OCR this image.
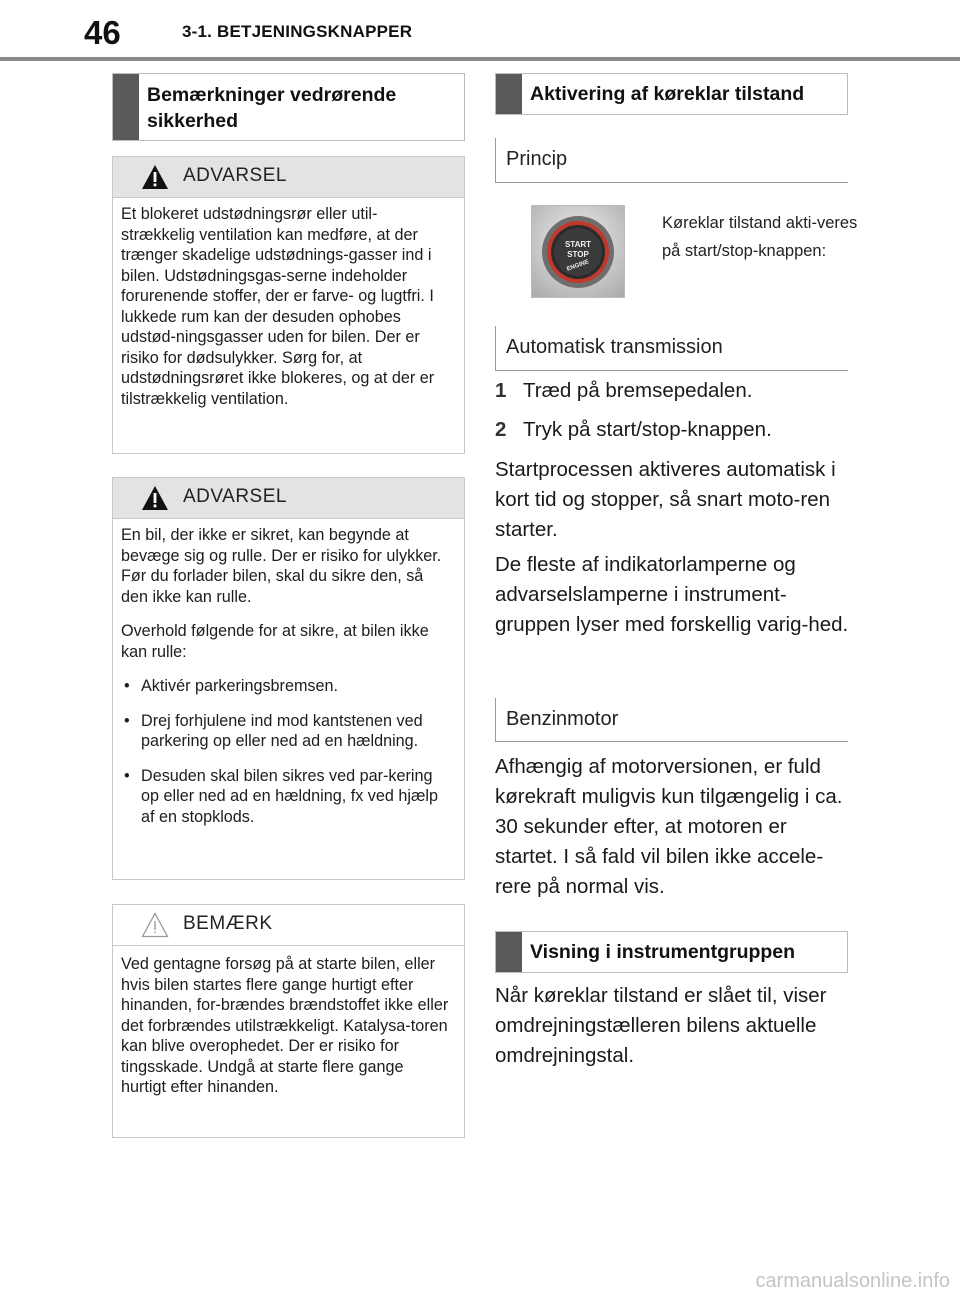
46	3-1. BETJENINGSKNAPPER
Bemærkninger vedrørende sikkerhed
ADVARSEL

Et blokeret udstødningsrør eller util-strækkelig ventilation kan medføre, at der trænger skadelige udstødnings-gasser ind i bilen. Udstødningsgas-serne indeholder forurenende stoffer, der er farve- og lugtfri. I lukkede rum kan der desuden ophobes udstød-ningsgasser uden for bilen. Der er risiko for dødsulykker. Sørg for, at udstødningsrøret ikke blokeres, og at der er tilstrækkelig ventilation.

ADVARSEL

En bil, der ikke er sikret, kan begynde at bevæge sig og rulle. Der er risiko for ulykker. Før du forlader bilen, skal du sikre den, så den ikke kan rulle.

Overhold følgende for at sikre, at bilen ikke kan rulle:

• Aktivér parkeringsbremsen.
• Drej forhjulene ind mod kantstenen ved parkering op eller ned ad en hældning.
• Desuden skal bilen sikres ved par-kering op eller ned ad en hældning, fx ved hjælp af en stopklods.
BEMÆRK

Ved gentagne forsøg på at starte bilen, eller hvis bilen startes flere gange hurtigt efter hinanden, for-brændes brændstoffet ikke eller det forbrændes utilstrækkeligt. Katalysa-toren kan blive overophedet. Der er risiko for tingsskade. Undgå at starte flere gange hurtigt efter hinanden.

Aktivering af køreklar tilstand
Princip
START
STOP
ENGINE
Køreklar tilstand akti-veres på start/stop-knappen:
Automatisk transmission
1 Træd på bremsepedalen.
2 Tryk på start/stop-knappen.

Startprocessen aktiveres automatisk i kort tid og stopper, så snart moto-ren starter.

De fleste af indikatorlamperne og advarselslamperne i instrument-gruppen lyser med forskellig varig-hed.

Benzinmotor

Afhængig af motorversionen, er fuld kørekraft muligvis kun tilgængelig i ca. 30 sekunder efter, at motoren er startet. I så fald vil bilen ikke accele-rere på normal vis.

Visning i instrumentgruppen

Når køreklar tilstand er slået til, viser omdrejningstælleren bilens aktuelle omdrejningstal.

carmanualsonline.info
